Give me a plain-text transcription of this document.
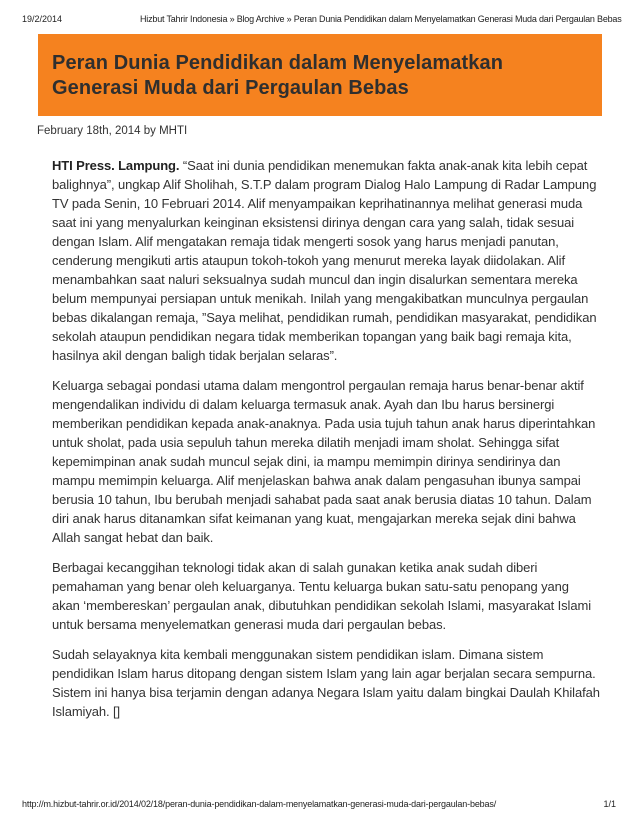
19/2/2014	Hizbut Tahrir Indonesia » Blog Archive » Peran Dunia Pendidikan dalam Menyelamatkan Generasi Muda dari Pergaulan Bebas
Peran Dunia Pendidikan dalam Menyelamatkan Generasi Muda dari Pergaulan Bebas
February 18th, 2014 by MHTI

HTI Press. Lampung. “Saat ini dunia pendidikan menemukan fakta anak-anak kita lebih cepat balighnya”, ungkap Alif Sholihah, S.T.P dalam program Dialog Halo Lampung di Radar Lampung TV pada Senin, 10 Februari 2014. Alif menyampaikan keprihatinannya melihat generasi muda saat ini yang menyalurkan keinginan eksistensi dirinya dengan cara yang salah, tidak sesuai dengan Islam. Alif mengatakan remaja tidak mengerti sosok yang harus menjadi panutan, cenderung mengikuti artis ataupun tokoh-tokoh yang menurut mereka layak diidolakan. Alif menambahkan saat naluri seksualnya sudah muncul dan ingin disalurkan sementara mereka belum mempunyai persiapan untuk menikah. Inilah yang mengakibatkan munculnya pergaulan bebas dikalangan remaja, ”Saya melihat, pendidikan rumah, pendidikan masyarakat, pendidikan sekolah ataupun pendidikan negara tidak memberikan topangan yang baik bagi remaja kita, hasilnya akil dengan baligh tidak berjalan selaras”.

Keluarga sebagai pondasi utama dalam mengontrol pergaulan remaja harus benar-benar aktif mengendalikan individu di dalam keluarga termasuk anak. Ayah dan Ibu harus bersinergi memberikan pendidikan kepada anak-anaknya. Pada usia tujuh tahun anak harus diperintahkan untuk sholat, pada usia sepuluh tahun mereka dilatih menjadi imam sholat. Sehingga sifat kepemimpinan anak sudah muncul sejak dini, ia mampu memimpin dirinya sendirinya dan mampu memimpin keluarga. Alif menjelaskan bahwa anak dalam pengasuhan ibunya sampai berusia 10 tahun, Ibu berubah menjadi sahabat pada saat anak berusia diatas 10 tahun. Dalam diri anak harus ditanamkan sifat keimanan yang kuat, mengajarkan mereka sejak dini bahwa Allah sangat hebat dan baik.

Berbagai kecanggihan teknologi tidak akan di salah gunakan ketika anak sudah diberi pemahaman yang benar oleh keluarganya. Tentu keluarga bukan satu-satu penopang yang akan ‘membereskan’ pergaulan anak, dibutuhkan pendidikan sekolah Islami, masyarakat Islami untuk bersama menyelematkan generasi muda dari pergaulan bebas.

Sudah selayaknya kita kembali menggunakan sistem pendidikan islam. Dimana sistem pendidikan Islam harus ditopang dengan sistem Islam yang lain agar berjalan secara sempurna. Sistem ini hanya bisa terjamin dengan adanya Negara Islam yaitu dalam bingkai Daulah Khilafah Islamiyah. []

http://m.hizbut-tahrir.or.id/2014/02/18/peran-dunia-pendidikan-dalam-menyelamatkan-generasi-muda-dari-pergaulan-bebas/	1/1
